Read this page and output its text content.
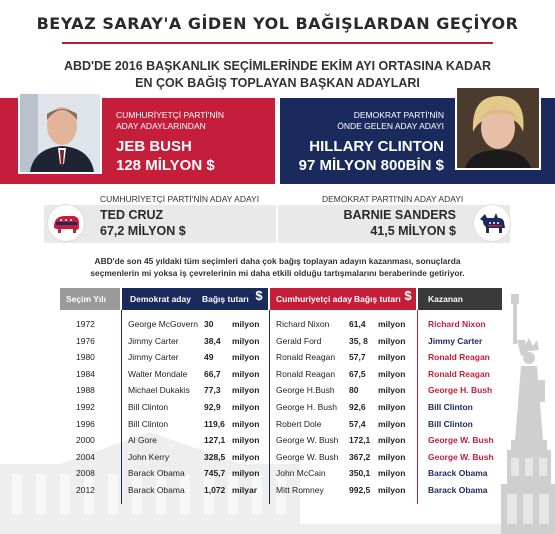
BEYAZ SARAY'A GİDEN YOL BAĞIŞLARDAN GEÇİYOR
ABD'DE 2016 BAŞKANLIK SEÇİMLERİNDE EKİM AYI ORTASINA KADAR
EN ÇOK BAĞIŞ TOPLAYAN BAŞKAN ADAYLARI
CUMHURİYETÇİ PARTİ'NİN
ADAY ADAYLARINDAN
JEB BUSH
128 MİLYON $
DEMOKRAT PARTİ'NİN
ÖNDE GELEN ADAY ADAYI
HILLARY CLINTON
97 MİLYON 800BİN $
CUMHURİYETÇİ PARTİ'NİN ADAY ADAYI	DEMOKRAT PARTİ'NİN ADAY ADAYI
TED CRUZ
67,2 MİLYON $
BARNIE SANDERS
41,5 MİLYON $
ABD'de son 45 yıldaki tüm seçimleri daha çok bağış toplayan adayın kazanması, sonuçlarda
seçmenlerin mi yoksa iş çevrelerinin mi daha etkili olduğu tartışmalarını beraberinde getiriyor.
Seçim Yılı	Demokrat aday Bağış tutarı $	Cumhuriyetçi aday Bağış tutarı $	Kazanan
1972	George McGovern 30 milyon Richard Nixon 61,4 milyon	Richard Nixon
1976	Jimmy Carter	38,4 milyon Gerald Ford	35, 8 milyon	Jimmy Carter
1980	Jimmy Carter	49 milyon Ronald Reagan 57,7 milyon	Ronald Reagan
1984	Walter Mondale 66,7 milyon Ronald Reagan 67,5 milyon	Ronald Reagan
1988	Michael Dukakis 77,3 milyon George H.Bush 80 milyon	George H. Bush
1992	Bill Clinton	92,9 milyon George H. Bush 92,6 milyon	Bill Clinton
1996	Bill Clinton	119,6 milyon Robert Dole	57,4 milyon	Bill Clinton
2000	Al Gore	127,1 milyon George W. Bush 172,1 milyon	George W. Bush
2004	John Kerry	328,5 milyon George W. Bush 367,2 milyon	George W. Bush
2008	Barack Obama 745,7 milyon John McCain	350,1 milyon	Barack Obama
2012	Barack Obama 1,072 milyar Mitt Romney	992,5 milyon	Barack Obama
